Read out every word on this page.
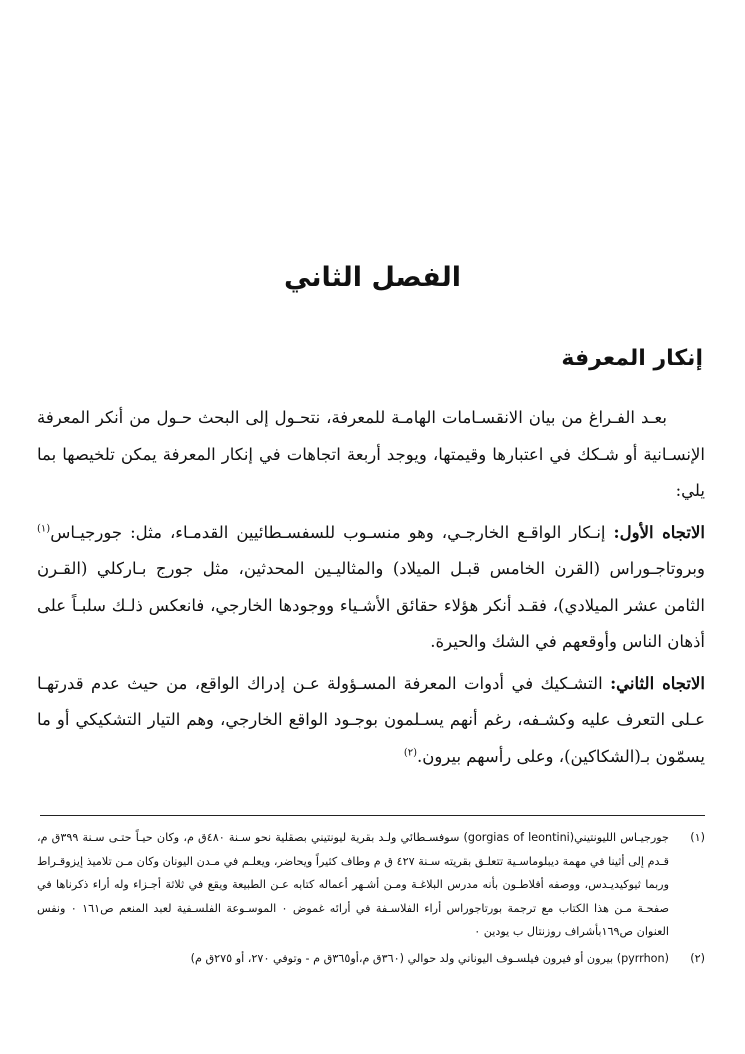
الفصل الثاني
إنكار المعرفة

بعـد الفـراغ من بيان الانقسـامات الهامـة للمعرفة، نتحـول إلى البحث حـول من أنكر المعرفة الإنسـانية أو شـكك في اعتبارها وقيمتها، ويوجد أربعة اتجاهات في إنكار المعرفة يمكن تلخيصها بما يلي:

الاتجاه الأول: إنـكار الواقـع الخارجـي، وهو منسـوب للسفسـطائيين القدمـاء، مثل: جورجيـاس$^{(١)}$ وبروتاجـوراس (القرن الخامس قبـل الميلاد) والمثاليـين المحدثين، مثل جورج بـاركلي (القـرن الثامن عشر الميلادي)، فقـد أنكر هؤلاء حقائق الأشـياء ووجودها الخارجي، فانعكس ذلـك سلبـاً على أذهان الناس وأوقعهم في الشك والحيرة.

الاتجاه الثاني: التشـكيك في أدوات المعرفة المسـؤولة عـن إدراك الواقع، من حيث عدم قدرتهـا عـلى التعرف عليه وكشـفه، رغم أنهم يسـلمون بوجـود الواقع الخارجي، وهم التيار التشكيكي أو ما يسمّون بـ(الشكاكين)، وعلى رأسهم بيرون.$^{(٢)}$

(١)
جورجيـاس الليونتيني(gorgias of leontini) سوفسـطائي ولـد بقرية ليونتيني بصقلية نحو سـنة ٤٨٠ق م، وكان حيـاً حتـى سـنة ٣٩٩ق م، قـدم إلى أثينا في مهمة ديبلوماسـية تتعلـق بقريته سـنة ٤٢٧ ق م وطاف كثيراً ويحاضر، ويعلـم في مـدن اليونان وكان مـن تلاميذ إيزوقـراط وربما ثيوكيديـدس، ووصفه أفلاطـون بأنه مدرس البلاغـة ومـن أشـهر أعماله كتابه عـن الطبيعة ويقع في ثلاثة أجـزاء وله أراء ذكرناها في صفحـة مـن هذا الكتاب مع ترجمة بورتاجوراس أراء الفلاسـفة في أرائه غموض ٠ الموسـوعة الفلسـفية لعبد المنعم ص١٦١ ٠ ونفس العنوان ص١٦٩بأشراف روزنتال ب يودين ٠

(٢)
(pyrrhon) بيرون أو فيرون فيلسـوف اليوناني ولد حوالي (٣٦٠ق م،أو٣٦٥ق م - وتوفي ٢٧٠، أو ٢٧٥ق م)
